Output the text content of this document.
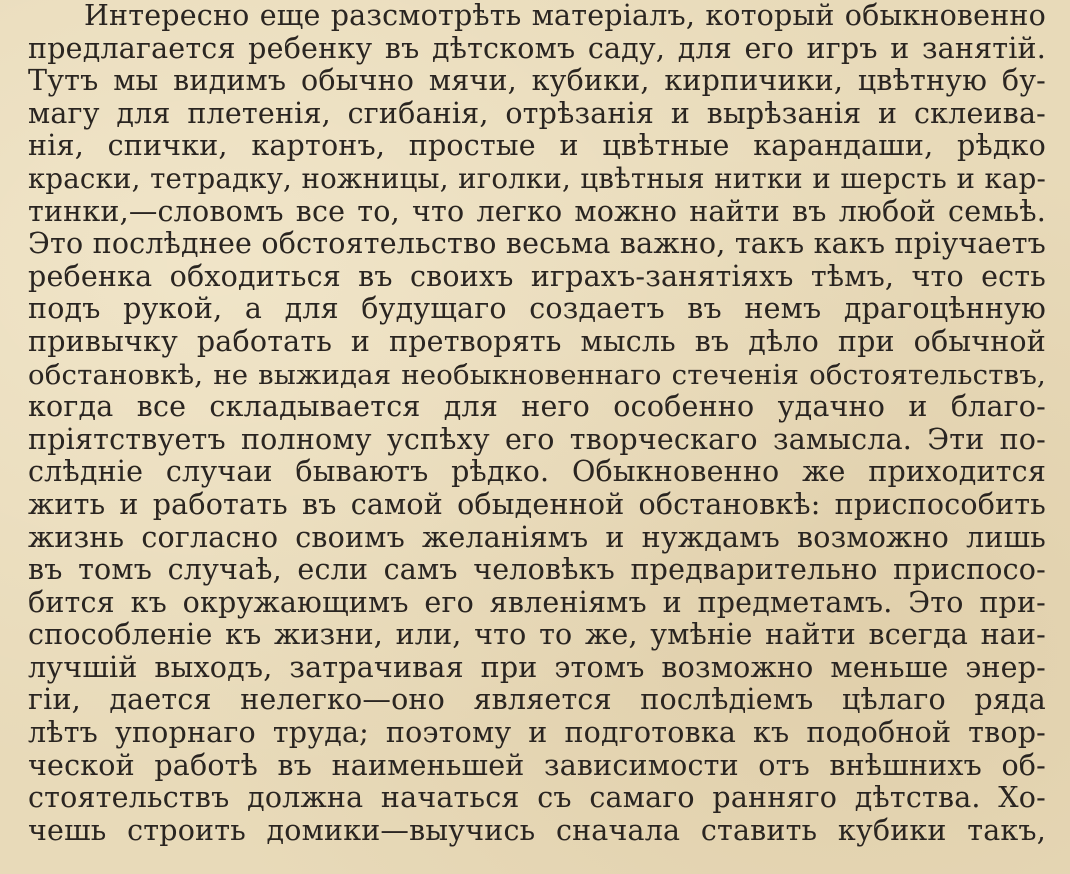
Интересно еще разсмотрѣть матеріалъ, который обыкновенно
предлагается ребенку въ дѣтскомъ саду, для его игръ и занятій.
Тутъ мы видимъ обычно мячи, кубики, кирпичики, цвѣтную бу-
магу для плетенія, сгибанія, отрѣзанія и вырѣзанія и склеива-
нія, спички, картонъ, простые и цвѣтные карандаши, рѣдко
краски, тетрадку, ножницы, иголки, цвѣтныя нитки и шерсть и кар-
тинки,—словомъ все то, что легко можно найти въ любой семьѣ.
Это послѣднее обстоятельство весьма важно, такъ какъ пріучаетъ
ребенка обходиться въ своихъ играхъ-занятіяхъ тѣмъ, что есть
подъ рукой, а для будущаго создаетъ въ немъ драгоцѣнную
привычку работать и претворять мысль въ дѣло при обычной
обстановкѣ, не выжидая необыкновеннаго стеченія обстоятельствъ,
когда все складывается для него особенно удачно и благо-
пріятствуетъ полному успѣху его творческаго замысла. Эти по-
слѣдніе случаи бываютъ рѣдко. Обыкновенно же приходится
жить и работать въ самой обыденной обстановкѣ: приспособить
жизнь согласно своимъ желаніямъ и нуждамъ возможно лишь
въ томъ случаѣ, если самъ человѣкъ предварительно приспосо-
бится къ окружающимъ его явленіямъ и предметамъ. Это при-
способленіе къ жизни, или, что то же, умѣніе найти всегда наи-
лучшій выходъ, затрачивая при этомъ возможно меньше энер-
гіи, дается нелегко—оно является послѣдіемъ цѣлаго ряда
лѣтъ упорнаго труда; поэтому и подготовка къ подобной твор-
ческой работѣ въ наименьшей зависимости отъ внѣшнихъ об-
стоятельствъ должна начаться съ самаго ранняго дѣтства. Хо-
чешь строить домики—выучись сначала ставить кубики такъ,
